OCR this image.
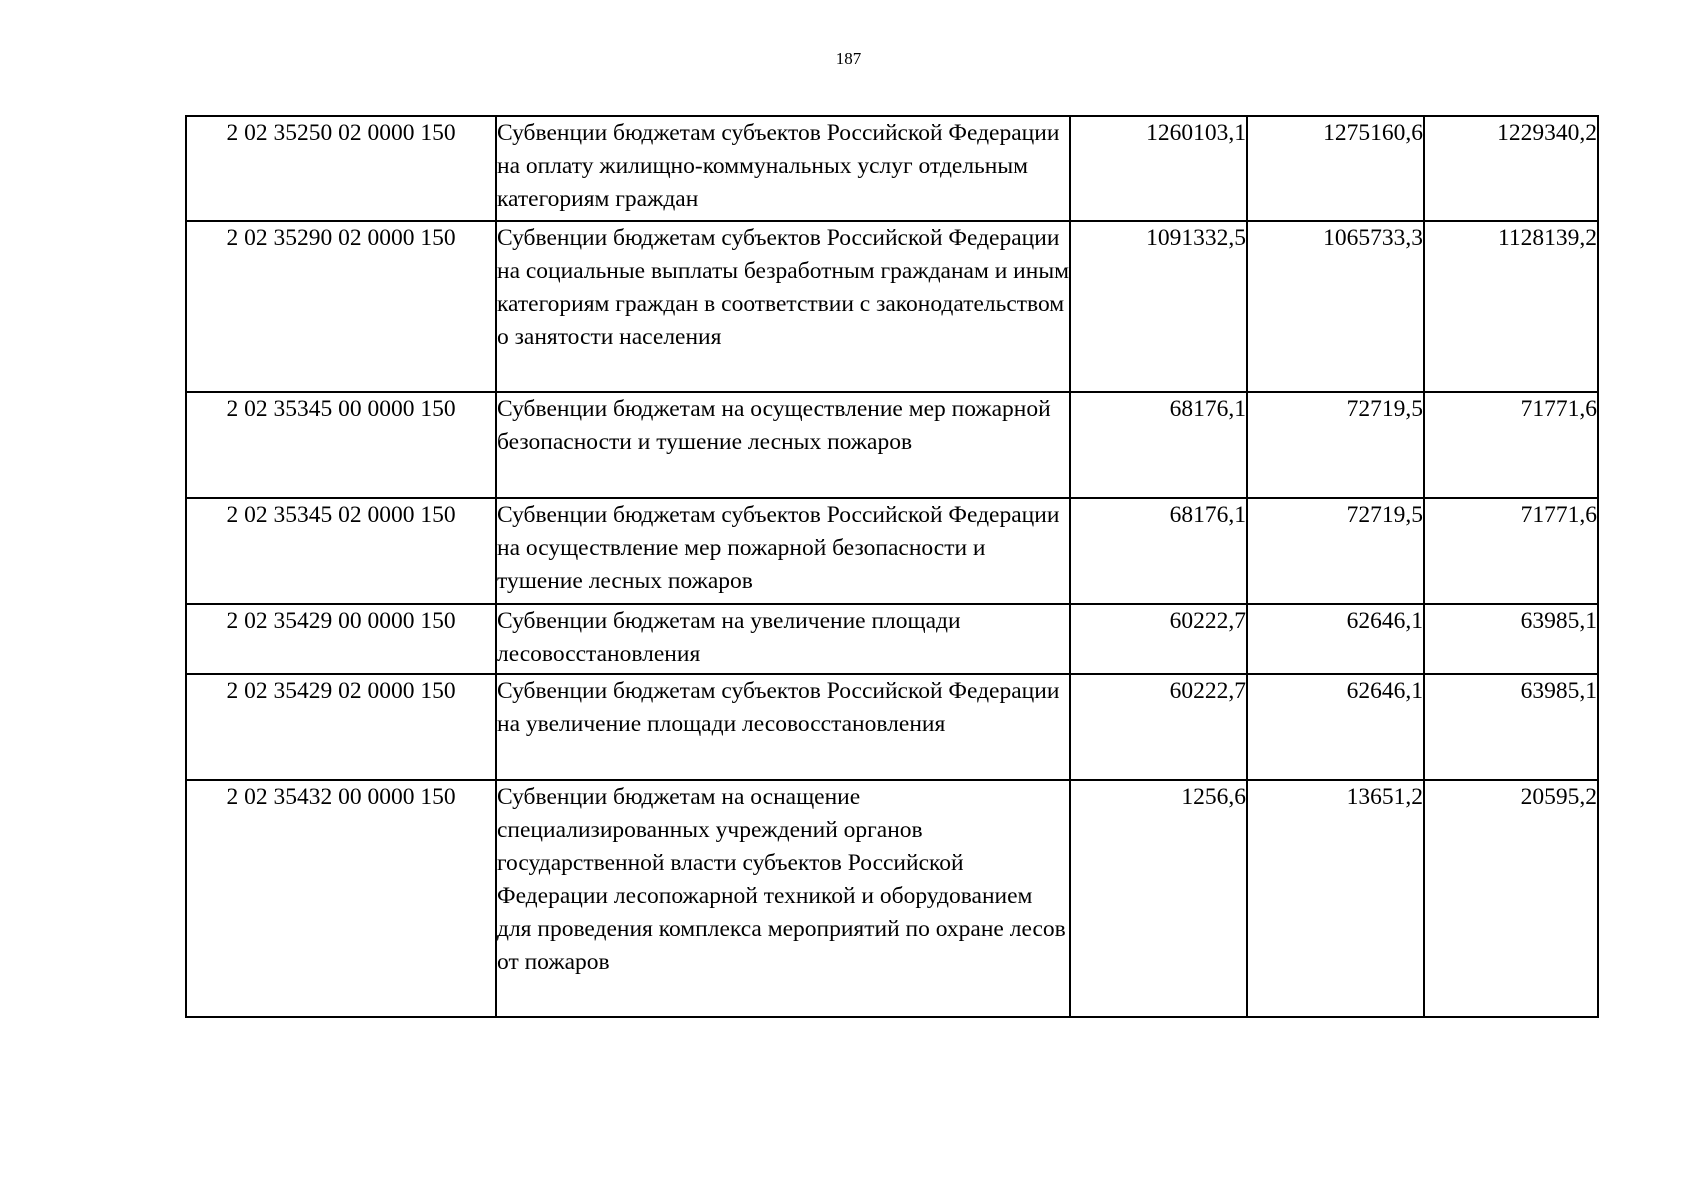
187
2 02 35250 02 0000 150	Субвенции бюджетам субъектов Российской Федерации на оплату жилищно-коммунальных услуг отдельным категориям граждан	1260103,1	1275160,6	1229340,2
2 02 35290 02 0000 150	Субвенции бюджетам субъектов Российской Федерации на социальные выплаты безработным гражданам и иным категориям граждан в соответствии с законодательством о занятости населения	1091332,5	1065733,3	1128139,2
2 02 35345 00 0000 150	Субвенции бюджетам на осуществление мер пожарной безопасности и тушение лесных пожаров	68176,1	72719,5	71771,6
2 02 35345 02 0000 150	Субвенции бюджетам субъектов Российской Федерации на осуществление мер пожарной безопасности и тушение лесных пожаров	68176,1	72719,5	71771,6
2 02 35429 00 0000 150	Субвенции бюджетам на увеличение площади лесовосстановления	60222,7	62646,1	63985,1
2 02 35429 02 0000 150	Субвенции бюджетам субъектов Российской Федерации на увеличение площади лесовосстановления	60222,7	62646,1	63985,1
2 02 35432 00 0000 150	Субвенции бюджетам на оснащение специализированных учреждений органов государственной власти субъектов Российской Федерации лесопожарной техникой и оборудованием для проведения комплекса мероприятий по охране лесов от пожаров	1256,6	13651,2	20595,2
